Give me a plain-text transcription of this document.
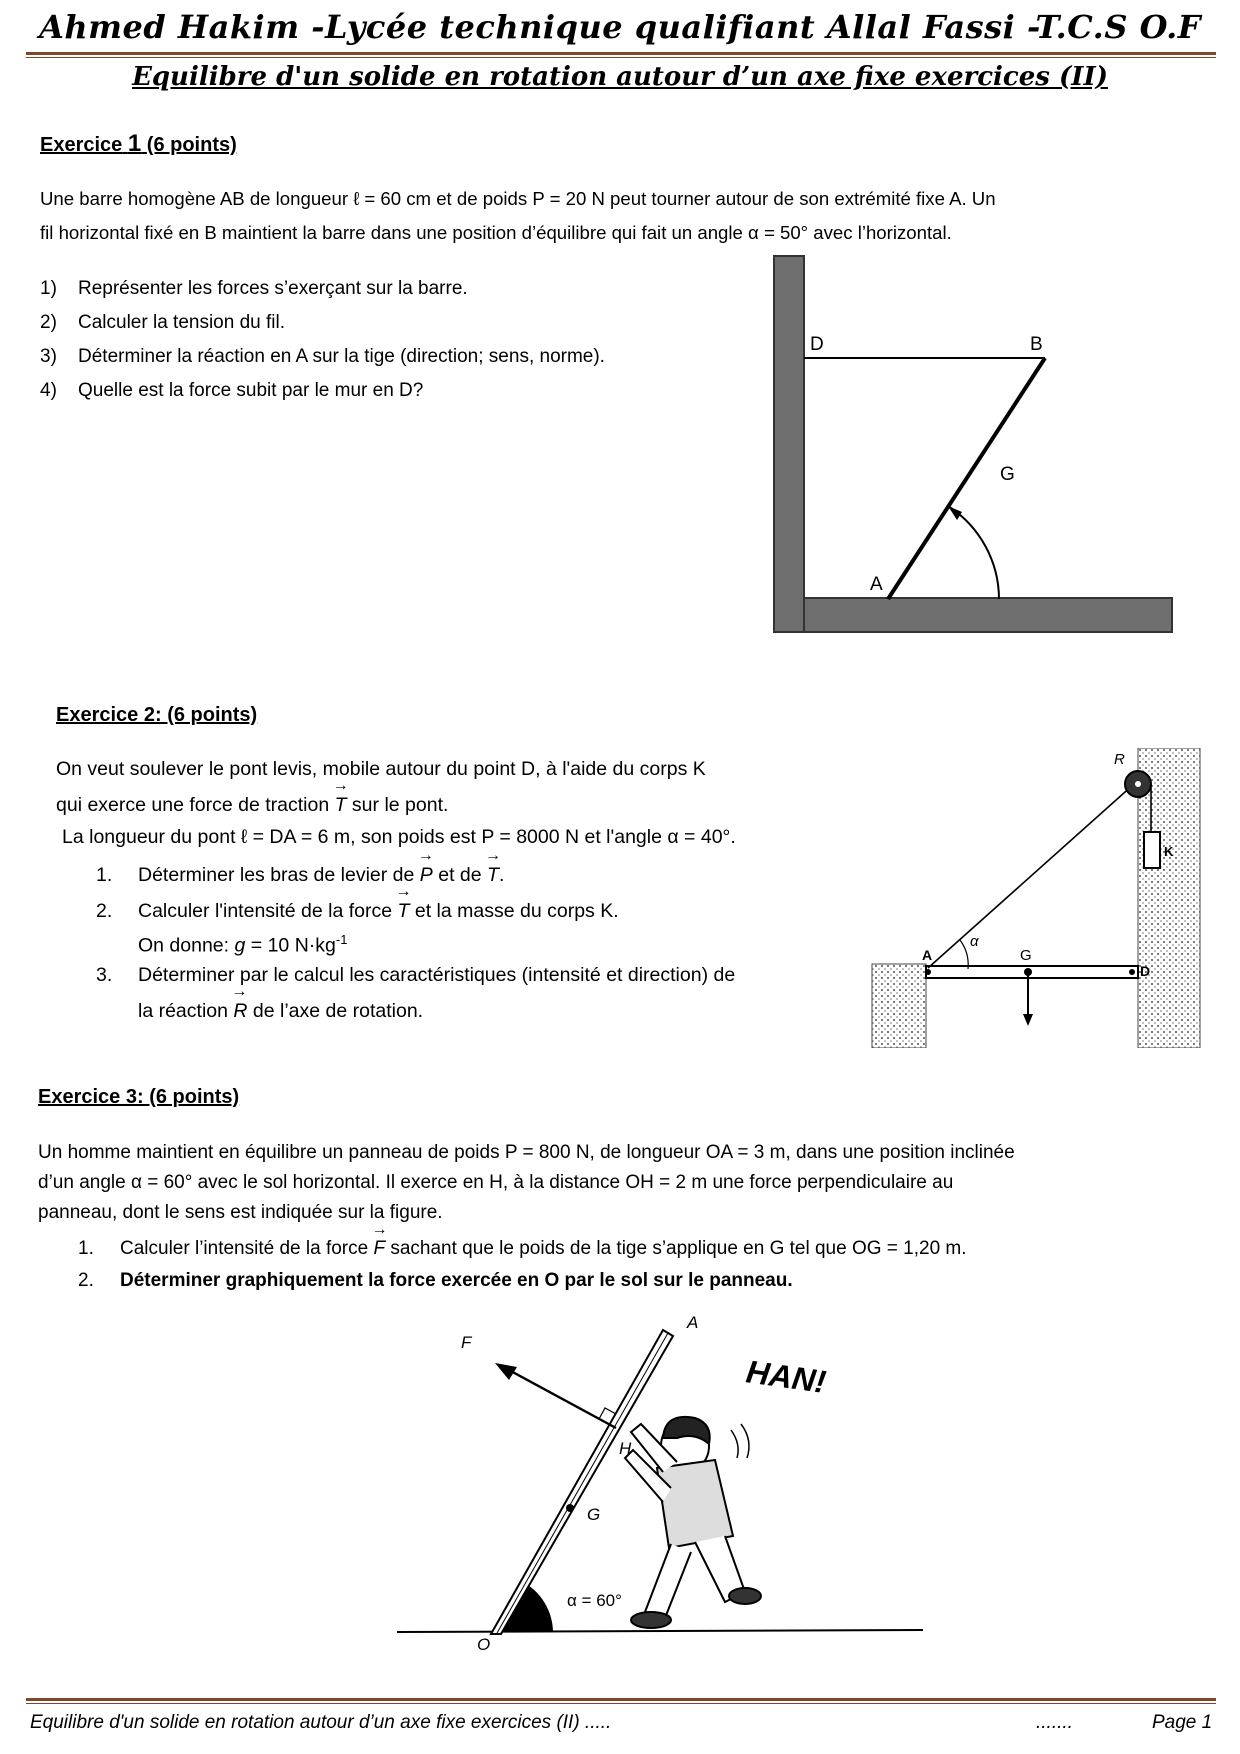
Ahmed Hakim -Lycée technique qualifiant Allal Fassi -T.C.S O.F
Equilibre d'un solide en rotation autour d’un axe fixe exercices (II)
Exercice 1 (6 points)
Une barre homogène AB de longueur ℓ = 60 cm et de poids P = 20 N peut tourner autour de son extrémité fixe A. Un
fil horizontal fixé en B maintient la barre dans une position d’équilibre qui fait un angle α = 50° avec l’horizontal.
1) Représenter les forces s’exerçant sur la barre.
2) Calculer la tension du fil.
3) Déterminer la réaction en A sur la tige (direction; sens, norme).
4) Quelle est la force subit par le mur en D?
D	B
G
A
Exercice 2: (6 points)
On veut soulever le pont levis, mobile autour du point D, à l'aide du corps K
qui exerce une force de traction → T sur le pont.
La longueur du pont ℓ = DA = 6 m, son poids est P = 8000 N et l'angle α = 40°.
1. Déterminer les bras de levier de → P et de → T.
2. Calculer l'intensité de la force → T et la masse du corps K.
On donne: g = 10 $N\cdot kg^{-1}$
3. Déterminer par le calcul les caractéristiques (intensité et direction) de
la réaction → R de l’axe de rotation.
R
K
α
A	G
D
Exercice 3: (6 points)
Un homme maintient en équilibre un panneau de poids P = 800 N, de longueur OA = 3 m, dans une position inclinée
d’un angle α = 60° avec le sol horizontal. Il exerce en H, à la distance OH = 2 m une force perpendiculaire au
panneau, dont le sens est indiquée sur la figure.
1. Calculer l’intensité de la force → F sachant que le poids de la tige s’applique en G tel que OG = 1,20 m.
2. Déterminer graphiquement la force exercée en O par le sol sur le panneau.
F
A
HAN!
H
G
α = 60°
O
Equilibre d'un solide en rotation autour d’un axe fixe exercices (II) .....	.......	Page 1
